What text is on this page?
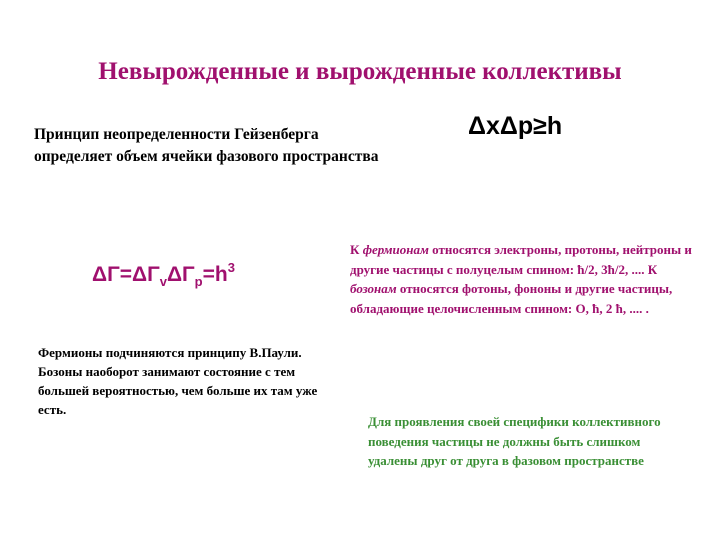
Невырожденные и вырожденные коллективы
Принцип неопределенности Гейзенберга определяет объем ячейки фазового пространства
ΔxΔp≥h
$\Delta\Gamma=\Delta\Gamma_v\Delta\Gamma_p=h^3$
Фермионы подчиняются принципу В.Паули. Бозоны наоборот занимают состояние с тем большей вероятностью, чем больше их там уже есть.
К фермионам относятся электроны, протоны, нейтроны и другие частицы с полуцелым спином: ħ/2, 3ħ/2, .... К бозонам относятся фотоны, фононы и другие частицы, обладающие целочисленным спином: O, ħ, 2 ħ, .... .
Для проявления своей специфики коллективного поведения частицы не должны быть слишком удалены друг от друга в фазовом пространстве
